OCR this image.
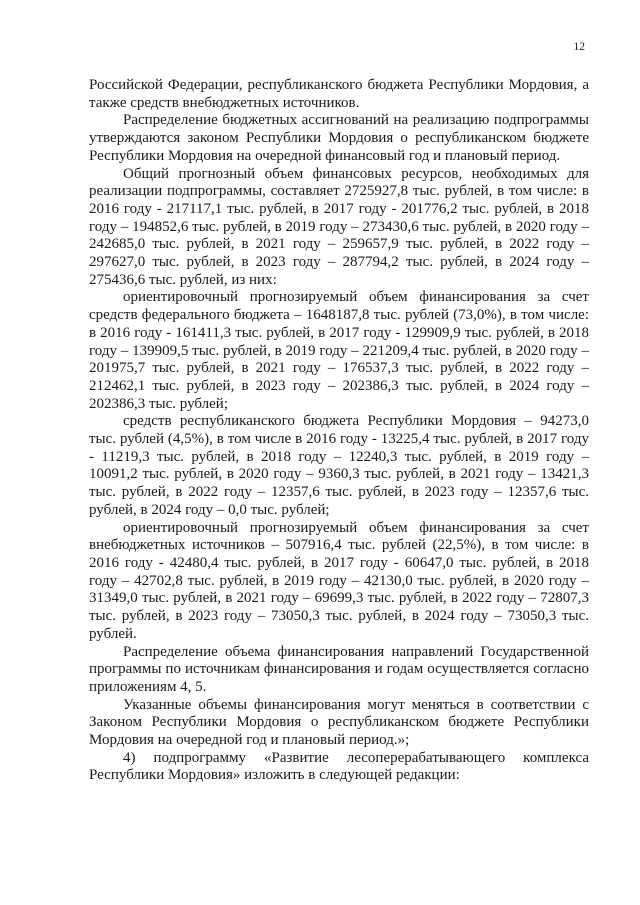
12

Российской Федерации, республиканского бюджета Республики Мордовия, а также средств внебюджетных источников.

Распределение бюджетных ассигнований на реализацию подпрограммы утверждаются законом Республики Мордовия о республиканском бюджете Республики Мордовия на очередной финансовый год и плановый период.

Общий прогнозный объем финансовых ресурсов, необходимых для реализации подпрограммы, составляет 2725927,8 тыс. рублей, в том числе: в 2016 году - 217117,1 тыс. рублей, в 2017 году - 201776,2 тыс. рублей, в 2018 году – 194852,6 тыс. рублей, в 2019 году – 273430,6 тыс. рублей, в 2020 году – 242685,0 тыс. рублей, в 2021 году – 259657,9 тыс. рублей, в 2022 году – 297627,0 тыс. рублей, в 2023 году – 287794,2 тыс. рублей, в 2024 году – 275436,6 тыс. рублей, из них:

ориентировочный прогнозируемый объем финансирования за счет средств федерального бюджета – 1648187,8 тыс. рублей (73,0%), в том числе: в 2016 году - 161411,3 тыс. рублей, в 2017 году - 129909,9 тыс. рублей, в 2018 году – 139909,5 тыс. рублей, в 2019 году – 221209,4 тыс. рублей, в 2020 году – 201975,7 тыс. рублей, в 2021 году – 176537,3 тыс. рублей, в 2022 году – 212462,1 тыс. рублей, в 2023 году – 202386,3 тыс. рублей, в 2024 году – 202386,3 тыс. рублей;

средств республиканского бюджета Республики Мордовия – 94273,0 тыс. рублей (4,5%), в том числе в 2016 году - 13225,4 тыс. рублей, в 2017 году - 11219,3 тыс. рублей, в 2018 году – 12240,3 тыс. рублей, в 2019 году – 10091,2 тыс. рублей, в 2020 году – 9360,3 тыс. рублей, в 2021 году – 13421,3 тыс. рублей, в 2022 году – 12357,6 тыс. рублей, в 2023 году – 12357,6 тыс. рублей, в 2024 году – 0,0 тыс. рублей;

ориентировочный прогнозируемый объем финансирования за счет внебюджетных источников – 507916,4 тыс. рублей (22,5%), в том числе: в 2016 году - 42480,4 тыс. рублей, в 2017 году - 60647,0 тыс. рублей, в 2018 году – 42702,8 тыс. рублей, в 2019 году – 42130,0 тыс. рублей, в 2020 году – 31349,0 тыс. рублей, в 2021 году – 69699,3 тыс. рублей, в 2022 году – 72807,3 тыс. рублей, в 2023 году – 73050,3 тыс. рублей, в 2024 году – 73050,3 тыс. рублей.

Распределение объема финансирования направлений Государственной программы по источникам финансирования и годам осуществляется согласно приложениям 4, 5.

Указанные объемы финансирования могут меняться в соответствии с Законом Республики Мордовия о республиканском бюджете Республики Мордовия на очередной год и плановый период.»;

4) подпрограмму «Развитие лесоперерабатывающего комплекса Республики Мордовия» изложить в следующей редакции:
